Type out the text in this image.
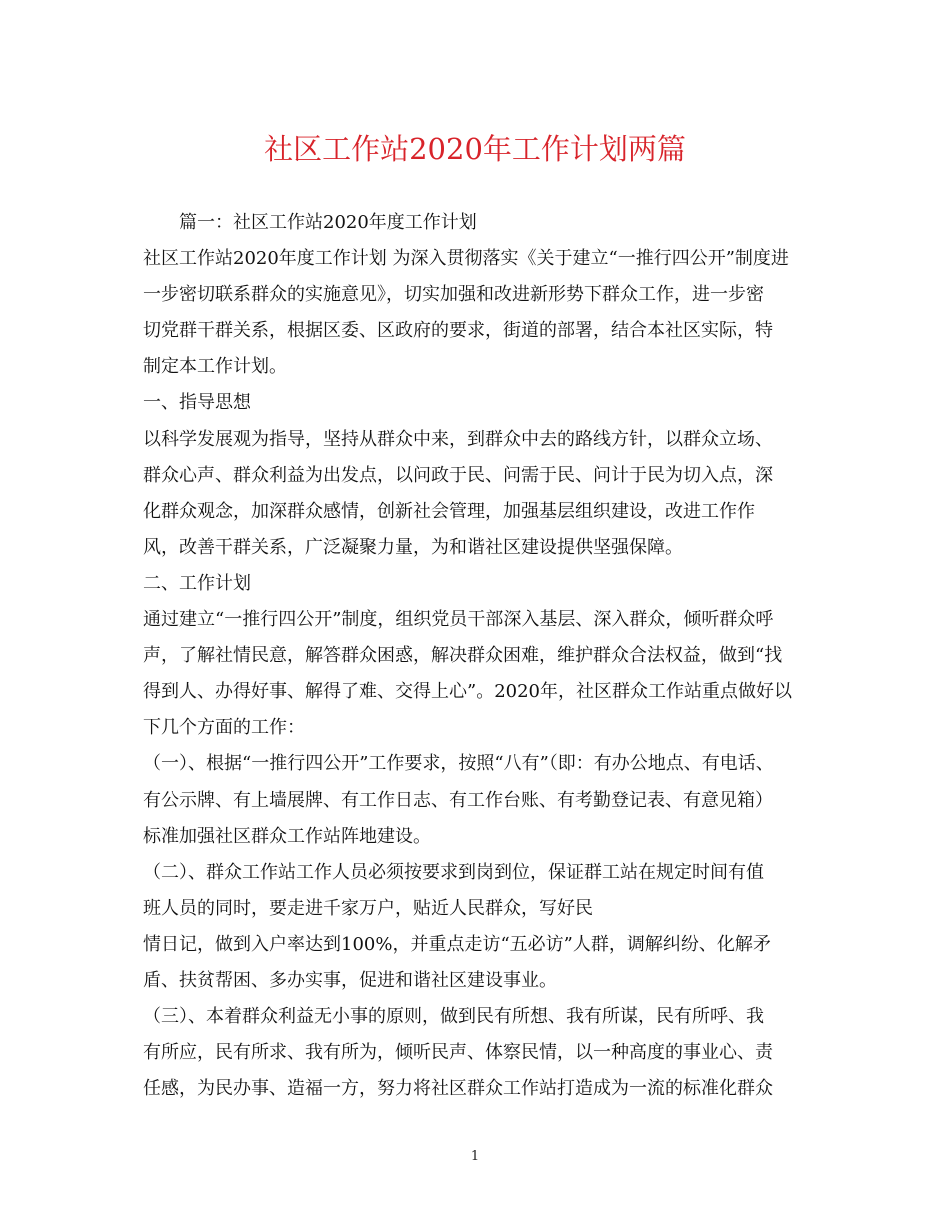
社区工作站2020年工作计划两篇

篇一：社区工作站2020年度工作计划

社区工作站2020年度工作计划 为深入贯彻落实《关于建立“一推行四公开”制度进

一步密切联系群众的实施意见》，切实加强和改进新形势下群众工作，进一步密

切党群干群关系，根据区委、区政府的要求，街道的部署，结合本社区实际，特

制定本工作计划。

一、指导思想

以科学发展观为指导，坚持从群众中来，到群众中去的路线方针，以群众立场、

群众心声、群众利益为出发点，以问政于民、问需于民、问计于民为切入点，深

化群众观念，加深群众感情，创新社会管理，加强基层组织建设，改进工作作

风，改善干群关系，广泛凝聚力量，为和谐社区建设提供坚强保障。

二、工作计划

通过建立“一推行四公开”制度，组织党员干部深入基层、深入群众，倾听群众呼

声，了解社情民意，解答群众困惑，解决群众困难，维护群众合法权益，做到“找

得到人、办得好事、解得了难、交得上心”。2020年，社区群众工作站重点做好以

下几个方面的工作：

（一）、根据“一推行四公开”工作要求，按照“八有”（即：有办公地点、有电话、

有公示牌、有上墙展牌、有工作日志、有工作台账、有考勤登记表、有意见箱）

标准加强社区群众工作站阵地建设。

（二）、群众工作站工作人员必须按要求到岗到位，保证群工站在规定时间有值

班人员的同时，要走进千家万户，贴近人民群众，写好民

情日记，做到入户率达到100%，并重点走访“五必访”人群，调解纠纷、化解矛

盾、扶贫帮困、多办实事，促进和谐社区建设事业。

（三）、本着群众利益无小事的原则，做到民有所想、我有所谋，民有所呼、我

有所应，民有所求、我有所为，倾听民声、体察民情，以一种高度的事业心、责

任感，为民办事、造福一方，努力将社区群众工作站打造成为一流的标准化群众

1
